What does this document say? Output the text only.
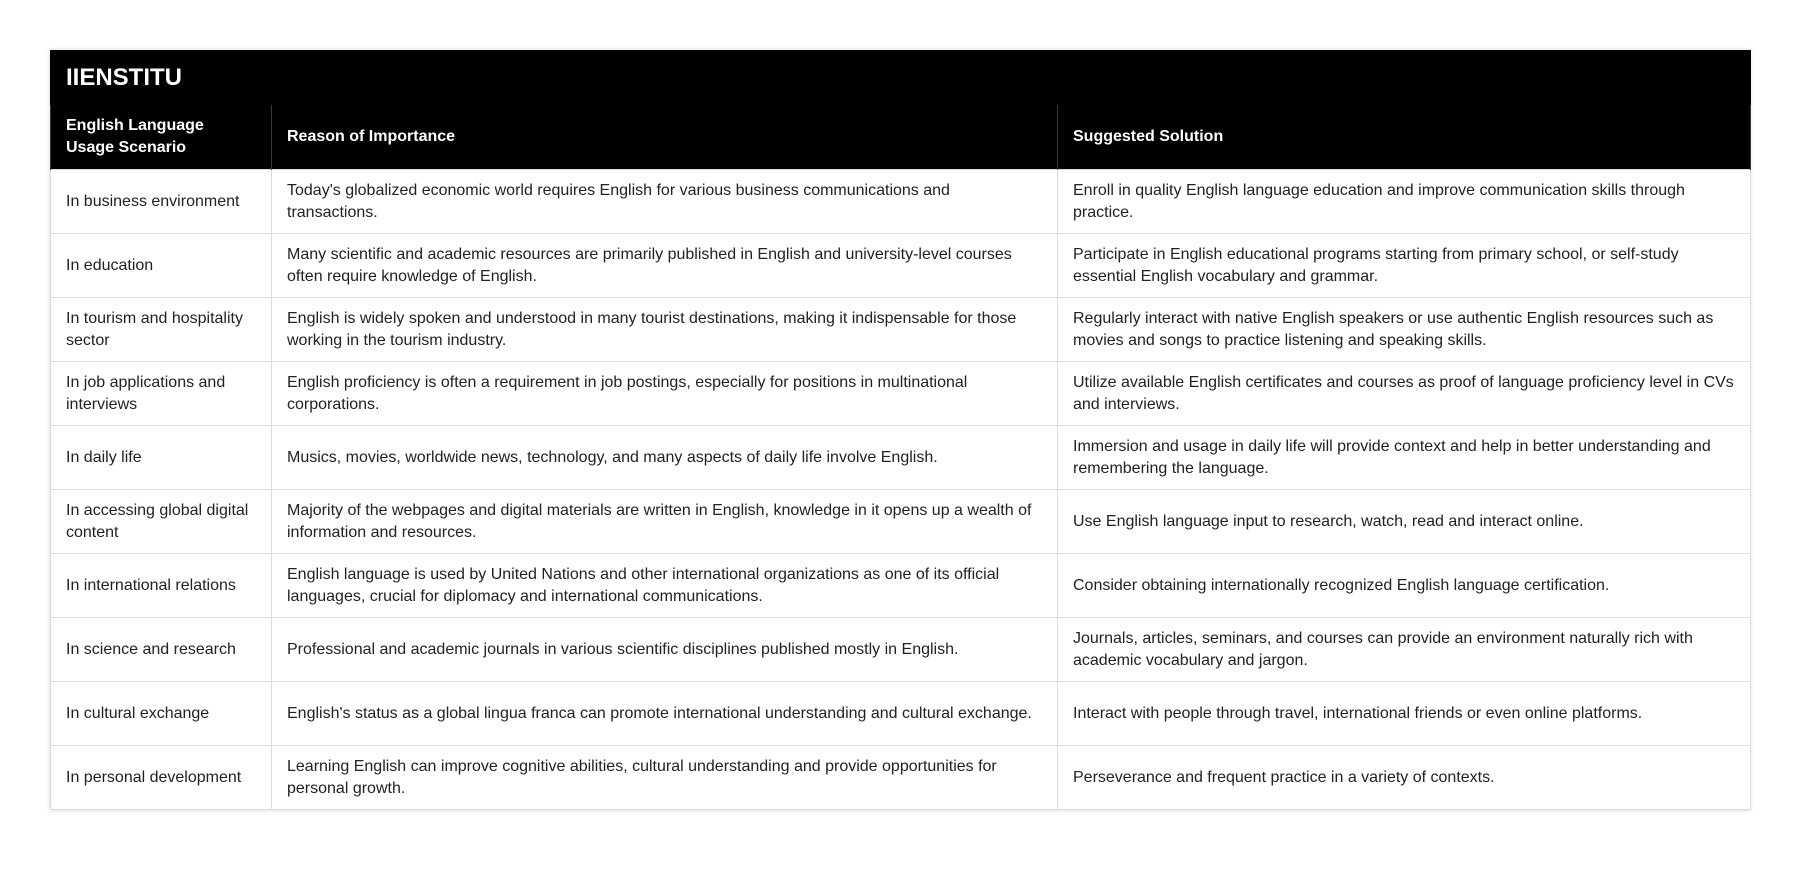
IIENSTITU		
English Language Usage Scenario	Reason of Importance	Suggested Solution
In business environment	Today's globalized economic world requires English for various business communications and transactions.	Enroll in quality English language education and improve communication skills through practice.
In education	Many scientific and academic resources are primarily published in English and university-level courses often require knowledge of English.	Participate in English educational programs starting from primary school, or self-study essential English vocabulary and grammar.
In tourism and hospitality sector	English is widely spoken and understood in many tourist destinations, making it indispensable for those working in the tourism industry.	Regularly interact with native English speakers or use authentic English resources such as movies and songs to practice listening and speaking skills.
In job applications and interviews	English proficiency is often a requirement in job postings, especially for positions in multinational corporations.	Utilize available English certificates and courses as proof of language proficiency level in CVs and interviews.
In daily life	Musics, movies, worldwide news, technology, and many aspects of daily life involve English.	Immersion and usage in daily life will provide context and help in better understanding and remembering the language.
In accessing global digital content	Majority of the webpages and digital materials are written in English, knowledge in it opens up a wealth of information and resources.	Use English language input to research, watch, read and interact online.
In international relations	English language is used by United Nations and other international organizations as one of its official languages, crucial for diplomacy and international communications.	Consider obtaining internationally recognized English language certification.
In science and research	Professional and academic journals in various scientific disciplines published mostly in English.	Journals, articles, seminars, and courses can provide an environment naturally rich with academic vocabulary and jargon.
In cultural exchange	English's status as a global lingua franca can promote international understanding and cultural exchange.	Interact with people through travel, international friends or even online platforms.
In personal development	Learning English can improve cognitive abilities, cultural understanding and provide opportunities for personal growth.	Perseverance and frequent practice in a variety of contexts.
